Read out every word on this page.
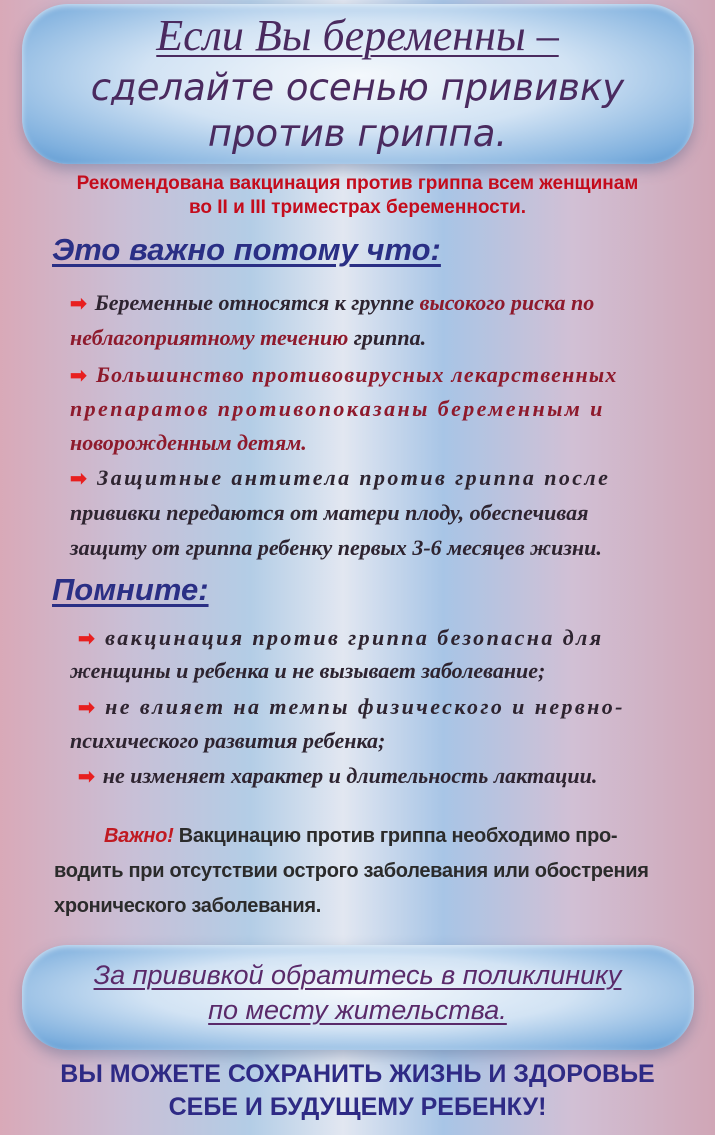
Если Вы беременны –
сделайте осенью прививку
против гриппа.
Рекомендована вакцинация против гриппа всем женщинам
во II и III триместрах беременности.
Это важно потому что:
➡ Беременные относятся к группе высокого риска по
неблагоприятному течению гриппа.
➡ Большинство противовирусных лекарственных
препаратов противопоказаны беременным и
новорожденным детям.
➡ Защитные антитела против гриппа после
прививки передаются от матери плоду, обеспечивая
защиту от гриппа ребенку первых 3-6 месяцев жизни.
Помните:
➡ вакцинация против гриппа безопасна для
женщины и ребенка и не вызывает заболевание;
➡ не влияет на темпы физического и нервно-
психического развития ребенка;
➡ не изменяет характер и длительность лактации.
Важно! Вакцинацию против гриппа необходимо про-
водить при отсутствии острого заболевания или обострения
хронического заболевания.
За прививкой обратитесь в поликлинику
по месту жительства.
ВЫ МОЖЕТЕ СОХРАНИТЬ ЖИЗНЬ И ЗДОРОВЬЕ
СЕБЕ И БУДУЩЕМУ РЕБЕНКУ!
